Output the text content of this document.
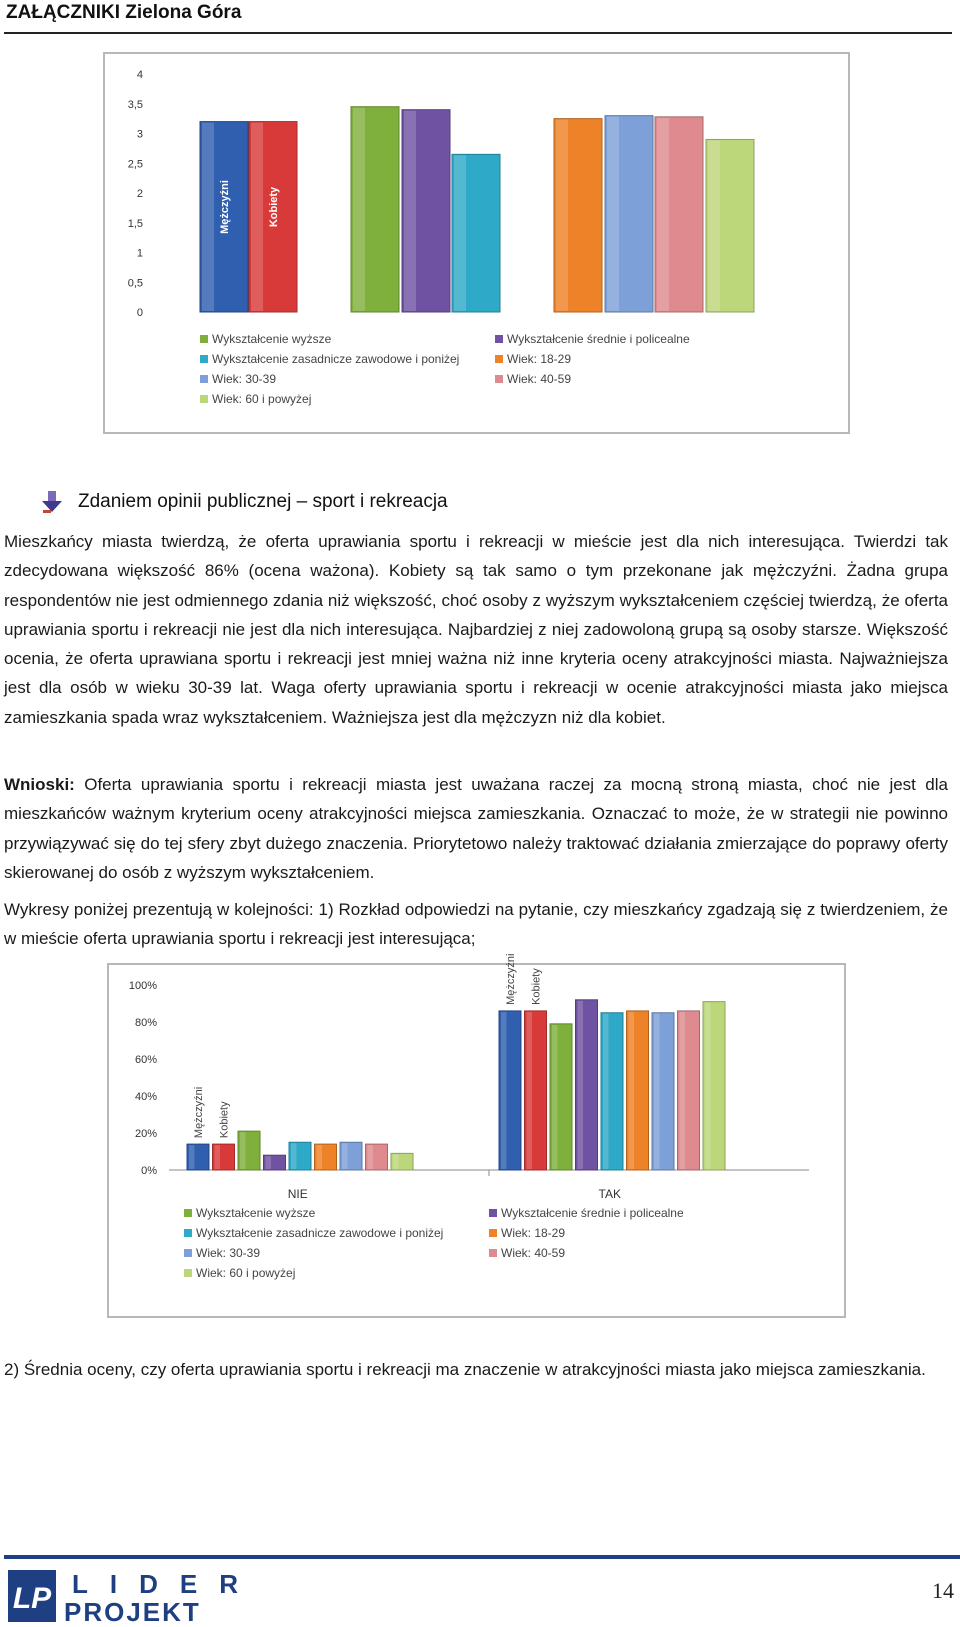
ZAŁĄCZNIKI Zielona Góra
0
0,5
1
1,5
2
2,5
3
3,5
4
Mężczyźni	Kobiety
Wykształcenie wyższe	Wykształcenie średnie i policealne
Wykształcenie zasadnicze zawodowe i poniżej	Wiek: 18-29
Wiek: 30-39	Wiek: 40-59
Wiek: 60 i powyżej
Zdaniem opinii publicznej – sport i rekreacja
Mieszkańcy miasta twierdzą, że oferta uprawiania sportu i rekreacji w mieście jest dla nich interesująca. Twierdzi tak zdecydowana większość 86% (ocena ważona). Kobiety są tak samo o tym przekonane jak mężczyźni. Żadna grupa respondentów nie jest odmiennego zdania niż większość, choć osoby z wyższym wykształceniem częściej twierdzą, że oferta uprawiania sportu i rekreacji nie jest dla nich interesująca. Najbardziej z niej zadowoloną grupą są osoby starsze. Większość ocenia, że oferta uprawiana sportu i rekreacji jest mniej ważna niż inne kryteria oceny atrakcyjności miasta. Najważniejsza jest dla osób w wieku 30-39 lat. Waga oferty uprawiania sportu i rekreacji w ocenie atrakcyjności miasta jako miejsca zamieszkania spada wraz wykształceniem. Ważniejsza jest dla mężczyzn niż dla kobiet.
Wnioski: Oferta uprawiania sportu i rekreacji miasta jest uważana raczej za mocną stroną miasta, choć nie jest dla mieszkańców ważnym kryterium oceny atrakcyjności miejsca zamieszkania. Oznaczać to może, że w strategii nie powinno przywiązywać się do tej sfery zbyt dużego znaczenia. Priorytetowo należy traktować działania zmierzające do poprawy oferty skierowanej do osób z wyższym wykształceniem.
Wykresy poniżej prezentują w kolejności: 1) Rozkład odpowiedzi na pytanie, czy mieszkańcy zgadzają się z twierdzeniem, że w mieście oferta uprawiania sportu i rekreacji jest interesująca;
0%
20%
40%
60%
80%
100%
NIE	TAK
Mężczyźni
Mężczyźni
Kobiety
Kobiety
Wykształcenie wyższe	Wykształcenie średnie i policealne
Wykształcenie zasadnicze zawodowe i poniżej	Wiek: 18-29
Wiek: 30-39	Wiek: 40-59
Wiek: 60 i powyżej
2) Średnia oceny, czy oferta uprawiania sportu i rekreacji ma znaczenie w atrakcyjności miasta jako miejsca zamieszkania.
LP LIDER
PROJEKT
14
